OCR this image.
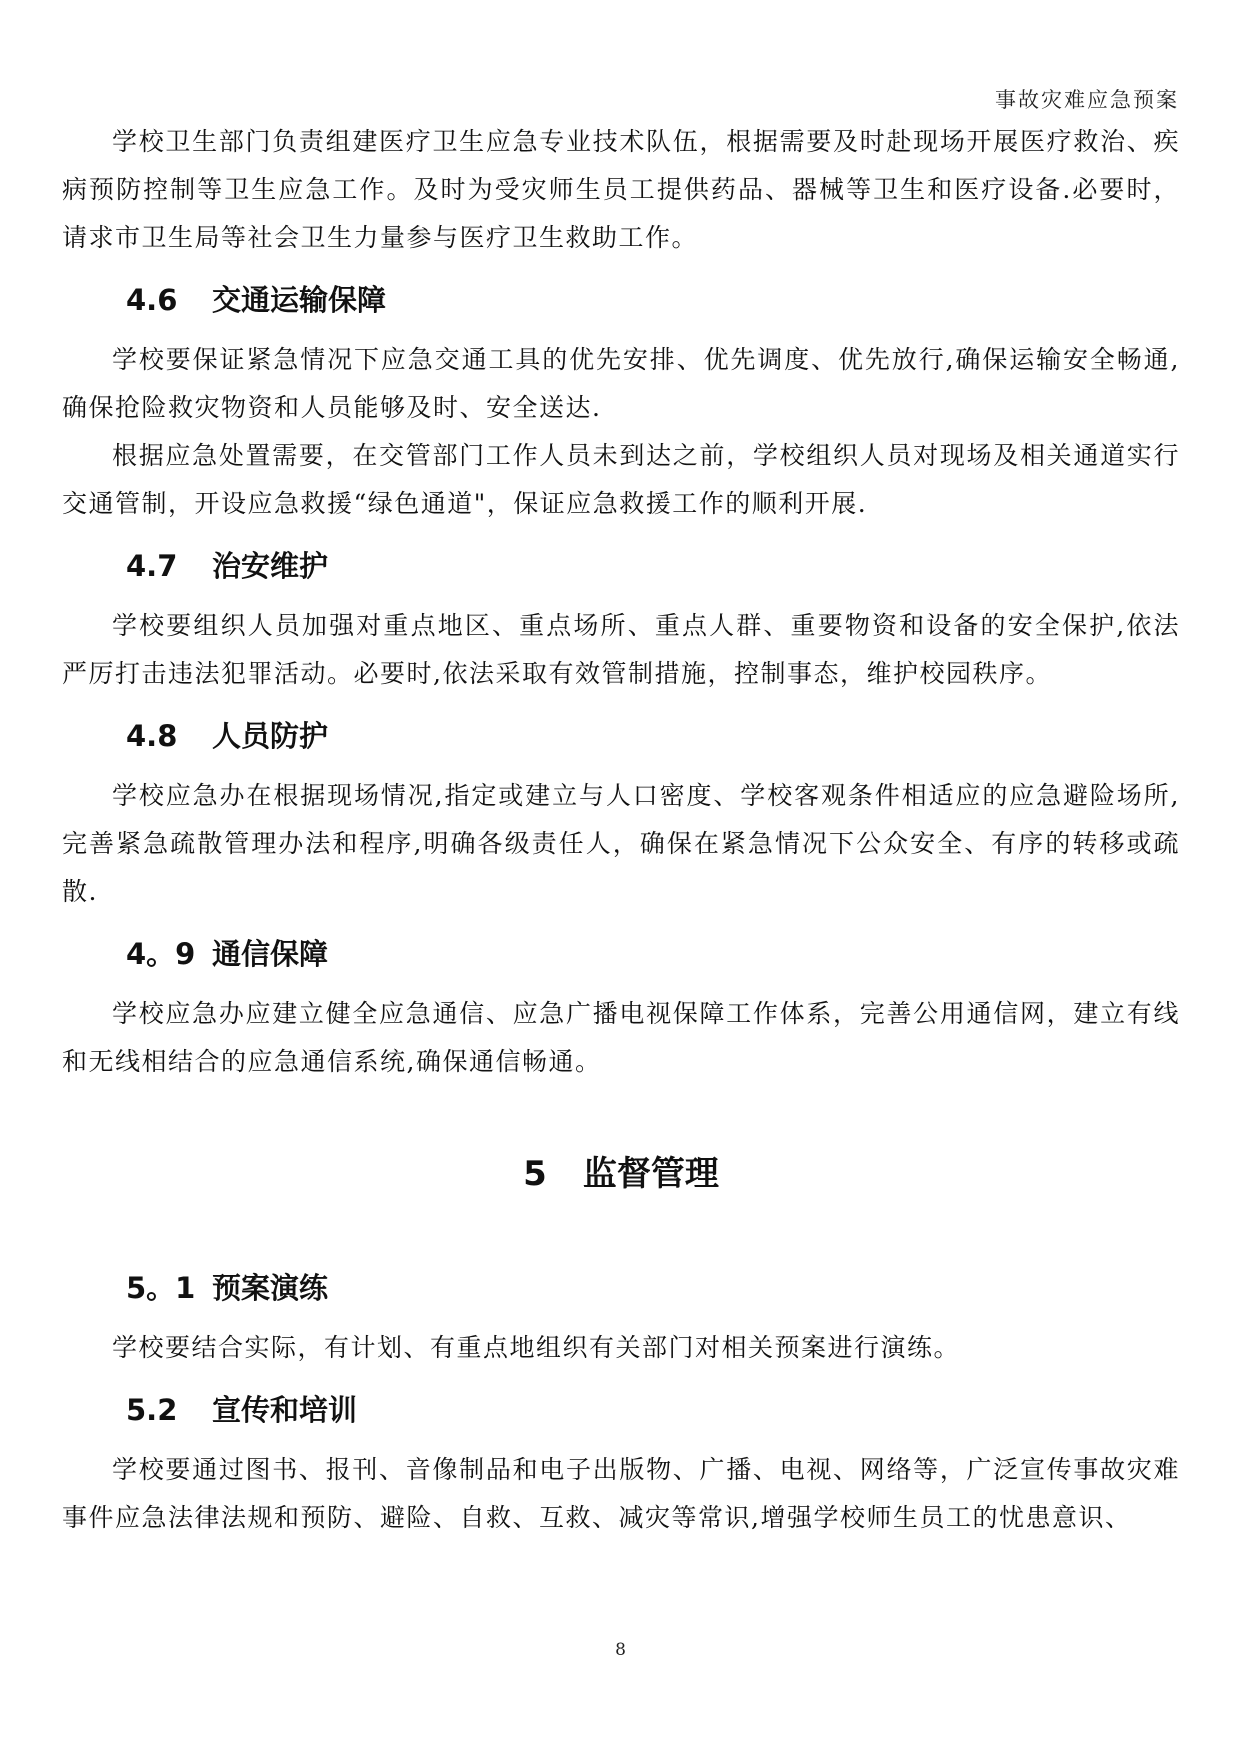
事故灾难应急预案

学校卫生部门负责组建医疗卫生应急专业技术队伍，根据需要及时赴现场开展医疗救治、疾病预防控制等卫生应急工作。及时为受灾师生员工提供药品、器械等卫生和医疗设备.必要时，请求市卫生局等社会卫生力量参与医疗卫生救助工作。

4.6 交通运输保障

学校要保证紧急情况下应急交通工具的优先安排、优先调度、优先放行,确保运输安全畅通,确保抢险救灾物资和人员能够及时、安全送达.

根据应急处置需要，在交管部门工作人员未到达之前，学校组织人员对现场及相关通道实行交通管制，开设应急救援“绿色通道"，保证应急救援工作的顺利开展.

4.7 治安维护

学校要组织人员加强对重点地区、重点场所、重点人群、重要物资和设备的安全保护,依法严厉打击违法犯罪活动。必要时,依法采取有效管制措施，控制事态，维护校园秩序。

4.8 人员防护

学校应急办在根据现场情况,指定或建立与人口密度、学校客观条件相适应的应急避险场所,完善紧急疏散管理办法和程序,明确各级责任人，确保在紧急情况下公众安全、有序的转移或疏散.

4。9 通信保障

学校应急办应建立健全应急通信、应急广播电视保障工作体系，完善公用通信网，建立有线和无线相结合的应急通信系统,确保通信畅通。

5 监督管理
5。1 预案演练

学校要结合实际，有计划、有重点地组织有关部门对相关预案进行演练。

5.2 宣传和培训

学校要通过图书、报刊、音像制品和电子出版物、广播、电视、网络等，广泛宣传事故灾难事件应急法律法规和预防、避险、自救、互救、减灾等常识,增强学校师生员工的忧患意识、

8
